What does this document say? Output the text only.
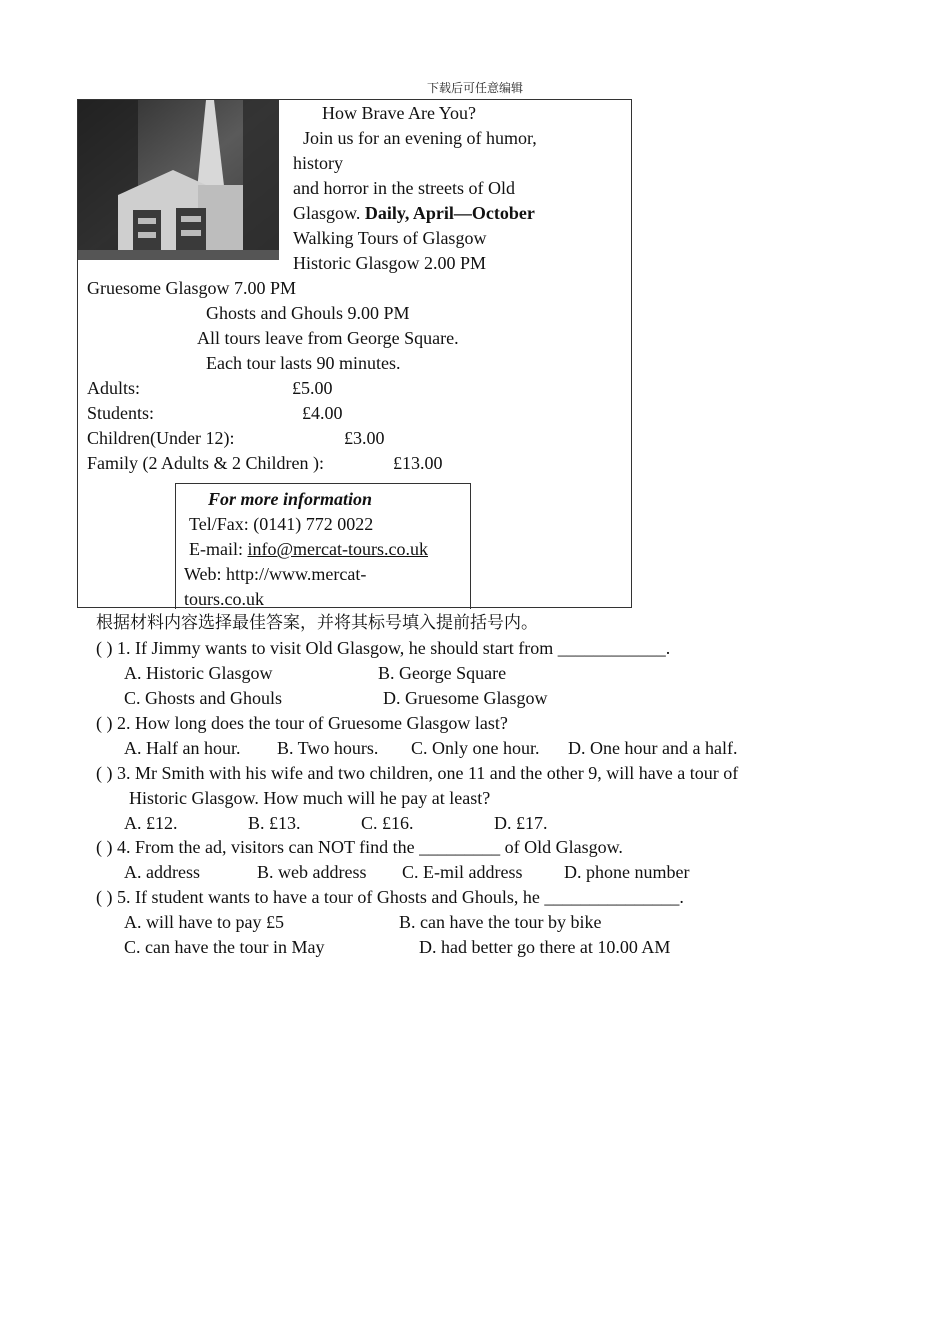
下载后可任意编辑
How Brave Are You?
Join us for an evening of humor,
history
and horror in the streets of Old
Glasgow. Daily, April—October
Walking Tours of Glasgow
Historic Glasgow 2.00 PM
Gruesome Glasgow 7.00 PM
Ghosts and Ghouls 9.00 PM
All tours leave from George Square.
Each tour lasts 90 minutes.
Adults:	£5.00
Students:	£4.00
Children(Under 12):	£3.00
Family (2 Adults & 2 Children ):	£13.00
For more information
Tel/Fax: (0141) 772 0022
E-mail: info@mercat-tours.co.uk
Web: http://www.mercat-
tours.co.uk
根据材料内容选择最佳答案，并将其标号填入提前括号内。
( ) 1. If Jimmy wants to visit Old Glasgow, he should start from ____________.
A. Historic Glasgow	B. George Square
C. Ghosts and Ghouls	D. Gruesome Glasgow
( ) 2. How long does the tour of Gruesome Glasgow last?
A. Half an hour. B. Two hours. C. Only one hour. D. One hour and a half.
( ) 3. Mr Smith with his wife and two children, one 11 and the other 9, will have a tour of
Historic Glasgow. How much will he pay at least?
A. £12.	B. £13.	C. £16.	D. £17.
( ) 4. From the ad, visitors can NOT find the _________ of Old Glasgow.
A. address	B. web address C. E-mil address D. phone number
( ) 5. If student wants to have a tour of Ghosts and Ghouls, he _______________.
A. will have to pay £5	B. can have the tour by bike
C. can have the tour in May	D. had better go there at 10.00 AM
